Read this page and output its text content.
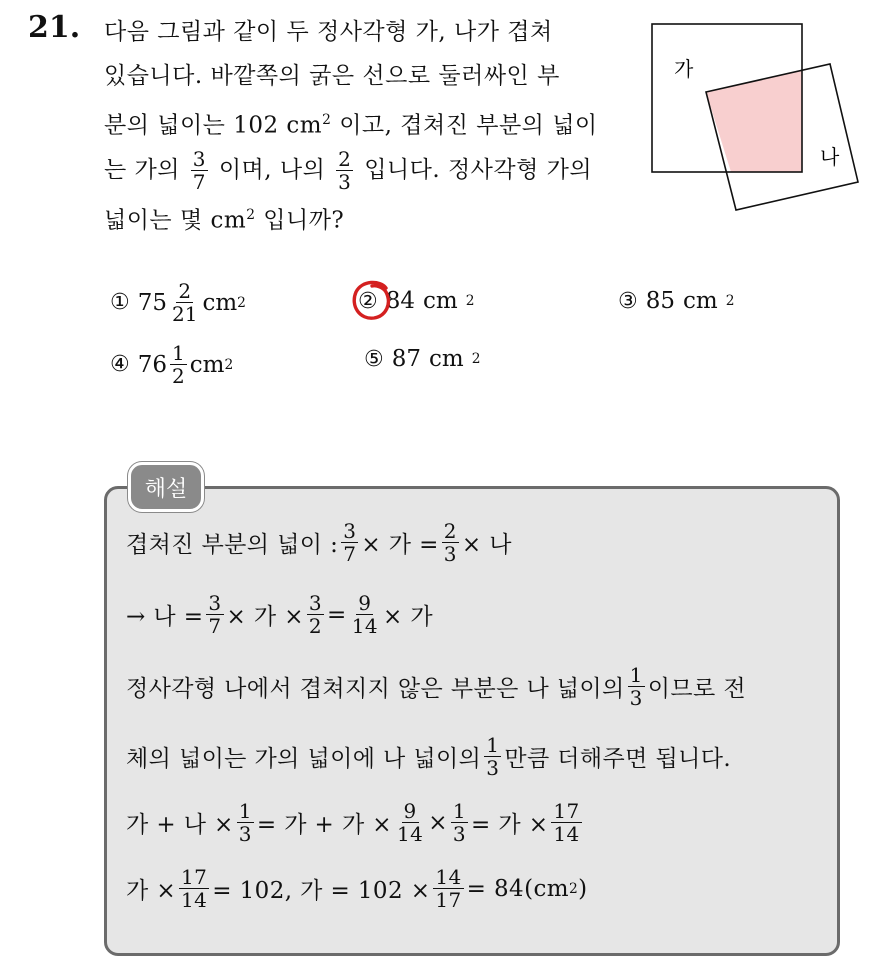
21. 다음 그림과 같이 두 정사각형 가, 나가 겹쳐
있습니다. 바깥쪽의 굵은 선으로 둘러싸인 부
분의 넓이는 102 $cm^2$ 이고, 겹쳐진 부분의 넓이
는 가의 $\frac{3}{7}$ 이며, 나의 $\frac{2}{3}$ 입니다. 정사각형 가의
넓이는 몇 $cm^2$ 입니까?
가
나
① $75 \frac{2}{21}$ cm 2	② 84 cm 2	③ 85 cm 2
④ $76 \frac{1}{2}$ cm 2	⑤ 87 cm 2
해설
겹쳐진 부분의 넓이 : $\frac{3}{7}$ × 가 = $\frac{2}{3}$ × 나
→ 나 = $\frac{3}{7}$ × 가 × $\frac{3}{2} = \frac{9}{14}$ × 가
정사각형 나에서 겹쳐지지 않은 부분은 나 넓이의 $\frac{1}{3}$ 이므로 전
체의 넓이는 가의 넓이에 나 넓이의 $\frac{1}{3}$ 만큼 더해주면 됩니다.
가 + 나 × $\frac{1}{3}$ = 가 + 가 × $\frac{9}{14} \times \frac{1}{3}$ = 가 × $\frac{17}{14}$
가 × $\frac{17}{14} = 102$, 가 = $102 \times \frac{14}{17} = 84(cm$ 2 )
